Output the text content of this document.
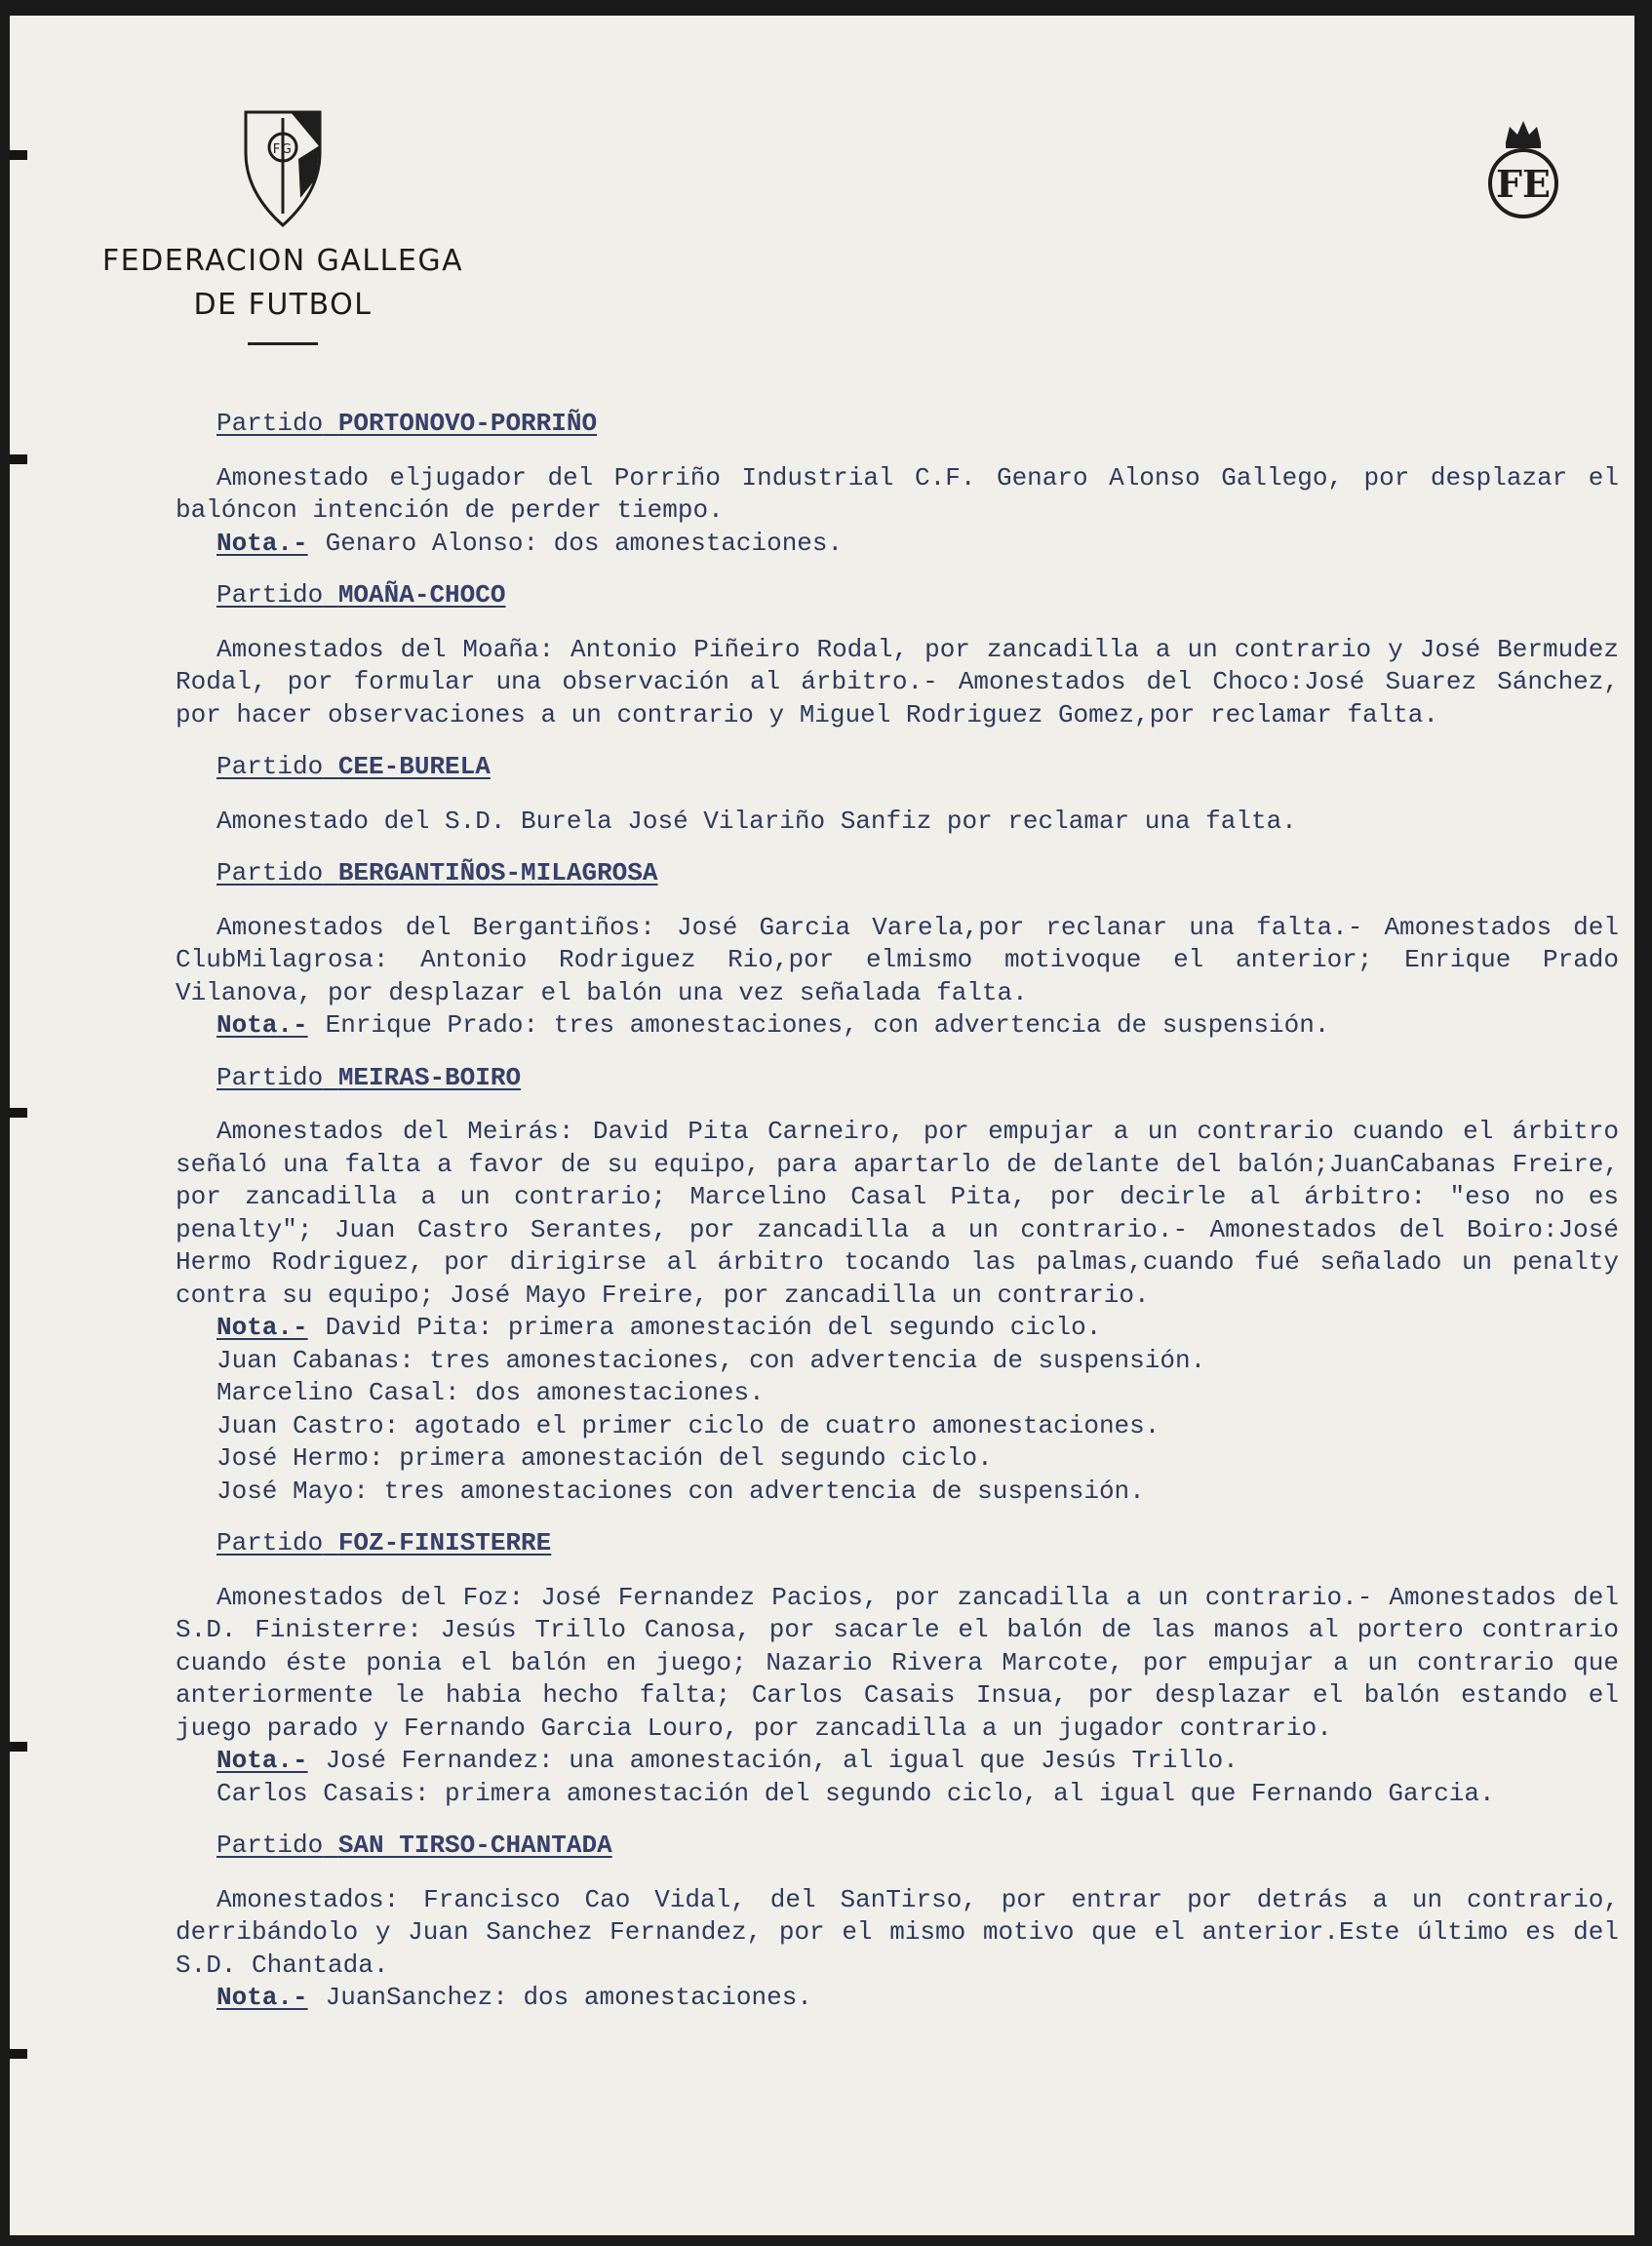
FG
FEDERACION GALLEGA
DE FUTBOL
FE
Partido PORTONOVO-PORRIÑO

Amonestado eljugador del Porriño Industrial C.F. Genaro Alonso Gallego, por desplazar el balóncon intención de perder tiempo.

Nota.- Genaro Alonso: dos amonestaciones.

Partido MOAÑA-CHOCO

Amonestados del Moaña: Antonio Piñeiro Rodal, por zancadilla a un contrario y José Bermudez Rodal, por formular una observación al árbitro.- Amonestados del Choco:José Suarez Sánchez, por hacer observaciones a un contrario y Miguel Rodriguez Gomez,por reclamar falta.

Partido CEE-BURELA

Amonestado del S.D. Burela José Vilariño Sanfiz por reclamar una falta.

Partido BERGANTIÑOS-MILAGROSA

Amonestados del Bergantiños: José Garcia Varela,por reclanar una falta.- Amonestados del ClubMilagrosa: Antonio Rodriguez Rio,por elmismo motivoque el anterior; Enrique Prado Vilanova, por desplazar el balón una vez señalada falta.

Nota.- Enrique Prado: tres amonestaciones, con advertencia de suspensión.

Partido MEIRAS-BOIRO

Amonestados del Meirás: David Pita Carneiro, por empujar a un contrario cuando el árbitro señaló una falta a favor de su equipo, para apartarlo de delante del balón;JuanCabanas Freire, por zancadilla a un contrario; Marcelino Casal Pita, por decirle al árbitro: "eso no es penalty"; Juan Castro Serantes, por zancadilla a un contrario.- Amonestados del Boiro:José Hermo Rodriguez, por dirigirse al árbitro tocando las palmas,cuando fué señalado un penalty contra su equipo; José Mayo Freire, por zancadilla un contrario.

Nota.- David Pita: primera amonestación del segundo ciclo.

Juan Cabanas: tres amonestaciones, con advertencia de suspensión.

Marcelino Casal: dos amonestaciones.

Juan Castro: agotado el primer ciclo de cuatro amonestaciones.

José Hermo: primera amonestación del segundo ciclo.

José Mayo: tres amonestaciones con advertencia de suspensión.

Partido FOZ-FINISTERRE

Amonestados del Foz: José Fernandez Pacios, por zancadilla a un contrario.- Amonestados del S.D. Finisterre: Jesús Trillo Canosa, por sacarle el balón de las manos al portero contrario cuando éste ponia el balón en juego; Nazario Rivera Marcote, por empujar a un contrario que anteriormente le habia hecho falta; Carlos Casais Insua, por desplazar el balón estando el juego parado y Fernando Garcia Louro, por zancadilla a un jugador contrario.

Nota.- José Fernandez: una amonestación, al igual que Jesús Trillo.

Carlos Casais: primera amonestación del segundo ciclo, al igual que Fernando Garcia.

Partido SAN TIRSO-CHANTADA

Amonestados: Francisco Cao Vidal, del SanTirso, por entrar por detrás a un contrario, derribándolo y Juan Sanchez Fernandez, por el mismo motivo que el anterior.Este último es del S.D. Chantada.

Nota.- JuanSanchez: dos amonestaciones.
